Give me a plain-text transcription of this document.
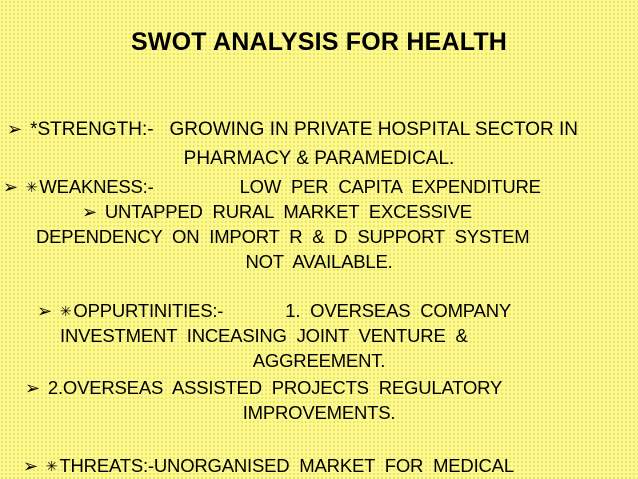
SWOT ANALYSIS FOR HEALTH
➢ *STRENGTH:- GROWING IN PRIVATE HOSPITAL SECTOR IN
PHARMACY & PARAMEDICAL.
➢ ✳ WEAKNESS:-	LOW  PER  CAPITA  EXPENDITURE
➢ UNTAPPED  RURAL  MARKET  EXCESSIVE
DEPENDENCY  ON  IMPORT  R  &  D  SUPPORT  SYSTEM
NOT  AVAILABLE.
➢ ✳ OPPURTINITIES:-	1.  OVERSEAS  COMPANY
INVESTMENT  INCEASING  JOINT  VENTURE  &
AGGREEMENT.
➢ 2.OVERSEAS  ASSISTED  PROJECTS  REGULATORY
IMPROVEMENTS.
➢ ✳ THREATS:-UNORGANISED  MARKET  FOR  MEDICAL
